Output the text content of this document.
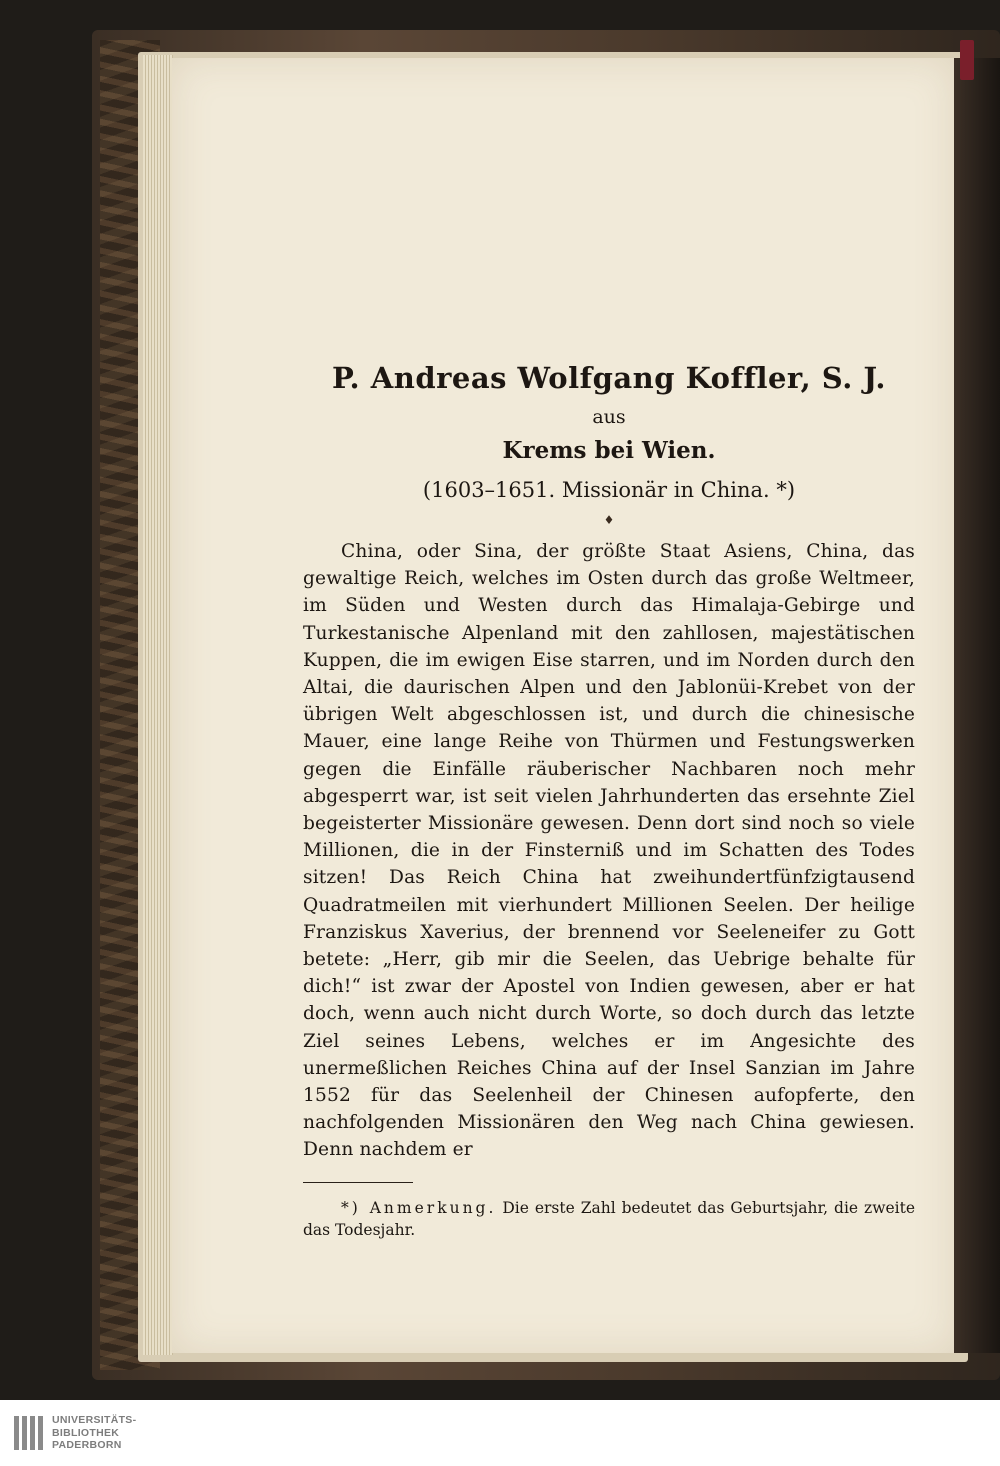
P. Andreas Wolfgang Koffler, S. J.
aus
Krems bei Wien.
(1603–1651. Missionär in China. *)
♦

China, oder Sina, der größte Staat Asiens, China, das gewaltige Reich, welches im Osten durch das große Weltmeer, im Süden und Westen durch das Himalaja-Gebirge und Turkestanische Alpenland mit den zahllosen, majestätischen Kuppen, die im ewigen Eise starren, und im Norden durch den Altai, die daurischen Alpen und den Jablonüi-Krebet von der übrigen Welt abgeschlossen ist, und durch die chinesische Mauer, eine lange Reihe von Thürmen und Festungswerken gegen die Einfälle räuberischer Nachbaren noch mehr abgesperrt war, ist seit vielen Jahrhunderten das ersehnte Ziel begeisterter Missionäre gewesen. Denn dort sind noch so viele Millionen, die in der Finsterniß und im Schatten des Todes sitzen! Das Reich China hat zweihundertfünfzigtausend Quadratmeilen mit vierhundert Millionen Seelen. Der heilige Franziskus Xaverius, der brennend vor Seeleneifer zu Gott betete: „Herr, gib mir die Seelen, das Uebrige behalte für dich!“ ist zwar der Apostel von Indien gewesen, aber er hat doch, wenn auch nicht durch Worte, so doch durch das letzte Ziel seines Lebens, welches er im Angesichte des unermeßlichen Reiches China auf der Insel Sanzian im Jahre 1552 für das Seelenheil der Chinesen aufopferte, den nachfolgenden Missionären den Weg nach China gewiesen. Denn nachdem er

*) Anmerkung. Die erste Zahl bedeutet das Geburtsjahr, die zweite das Todesjahr.

UNIVERSITÄTS-
BIBLIOTHEK
PADERBORN
